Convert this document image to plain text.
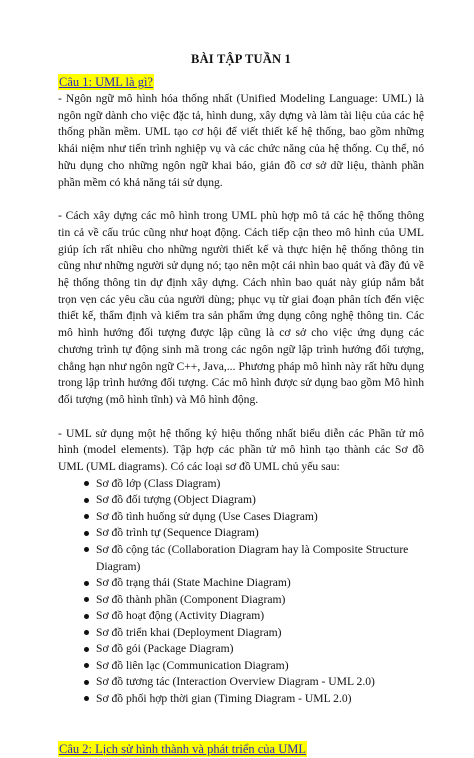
BÀI TẬP TUẦN 1
Câu 1: UML là gì?

- Ngôn ngữ mô hình hóa thống nhất (Unified Modeling Language: UML) là ngôn ngữ dành cho việc đặc tả, hình dung, xây dựng và làm tài liệu của các hệ thống phần mềm. UML tạo cơ hội để viết thiết kế hệ thống, bao gồm những khái niệm như tiến trình nghiệp vụ và các chức năng của hệ thống. Cụ thể, nó hữu dụng cho những ngôn ngữ khai báo, giản đồ cơ sở dữ liệu, thành phần phần mềm có khả năng tái sử dụng.

- Cách xây dựng các mô hình trong UML phù hợp mô tả các hệ thống thông tin cả về cấu trúc cũng như hoạt động. Cách tiếp cận theo mô hình của UML giúp ích rất nhiều cho những người thiết kế và thực hiện hệ thống thông tin cũng như những người sử dụng nó; tạo nên một cái nhìn bao quát và đầy đủ về hệ thống thông tin dự định xây dựng. Cách nhìn bao quát này giúp nắm bắt trọn vẹn các yêu cầu của người dùng; phục vụ từ giai đoạn phân tích đến việc thiết kế, thẩm định và kiểm tra sản phẩm ứng dụng công nghệ thông tin. Các mô hình hướng đối tượng được lập cũng là cơ sở cho việc ứng dụng các chương trình tự động sinh mã trong các ngôn ngữ lập trình hướng đối tượng, chẳng hạn như ngôn ngữ C++, Java,... Phương pháp mô hình này rất hữu dụng trong lập trình hướng đối tượng. Các mô hình được sử dụng bao gồm Mô hình đối tượng (mô hình tĩnh) và Mô hình động.

- UML sử dụng một hệ thống ký hiệu thống nhất biểu diễn các Phần tử mô hình (model elements). Tập hợp các phần tử mô hình tạo thành các Sơ đồ UML (UML diagrams). Có các loại sơ đồ UML chủ yếu sau:

Sơ đồ lớp (Class Diagram)
Sơ đồ đối tượng (Object Diagram)
Sơ đồ tình huống sử dụng (Use Cases Diagram)
Sơ đồ trình tự (Sequence Diagram)
Sơ đồ cộng tác (Collaboration Diagram hay là Composite Structure Diagram)
Sơ đồ trạng thái (State Machine Diagram)
Sơ đồ thành phần (Component Diagram)
Sơ đồ hoạt động (Activity Diagram)
Sơ đồ triển khai (Deployment Diagram)
Sơ đồ gói (Package Diagram)
Sơ đồ liên lạc (Communication Diagram)
Sơ đồ tương tác (Interaction Overview Diagram - UML 2.0)
Sơ đồ phối hợp thời gian (Timing Diagram - UML 2.0)
Câu 2: Lịch sử hình thành và phát triển của UML
